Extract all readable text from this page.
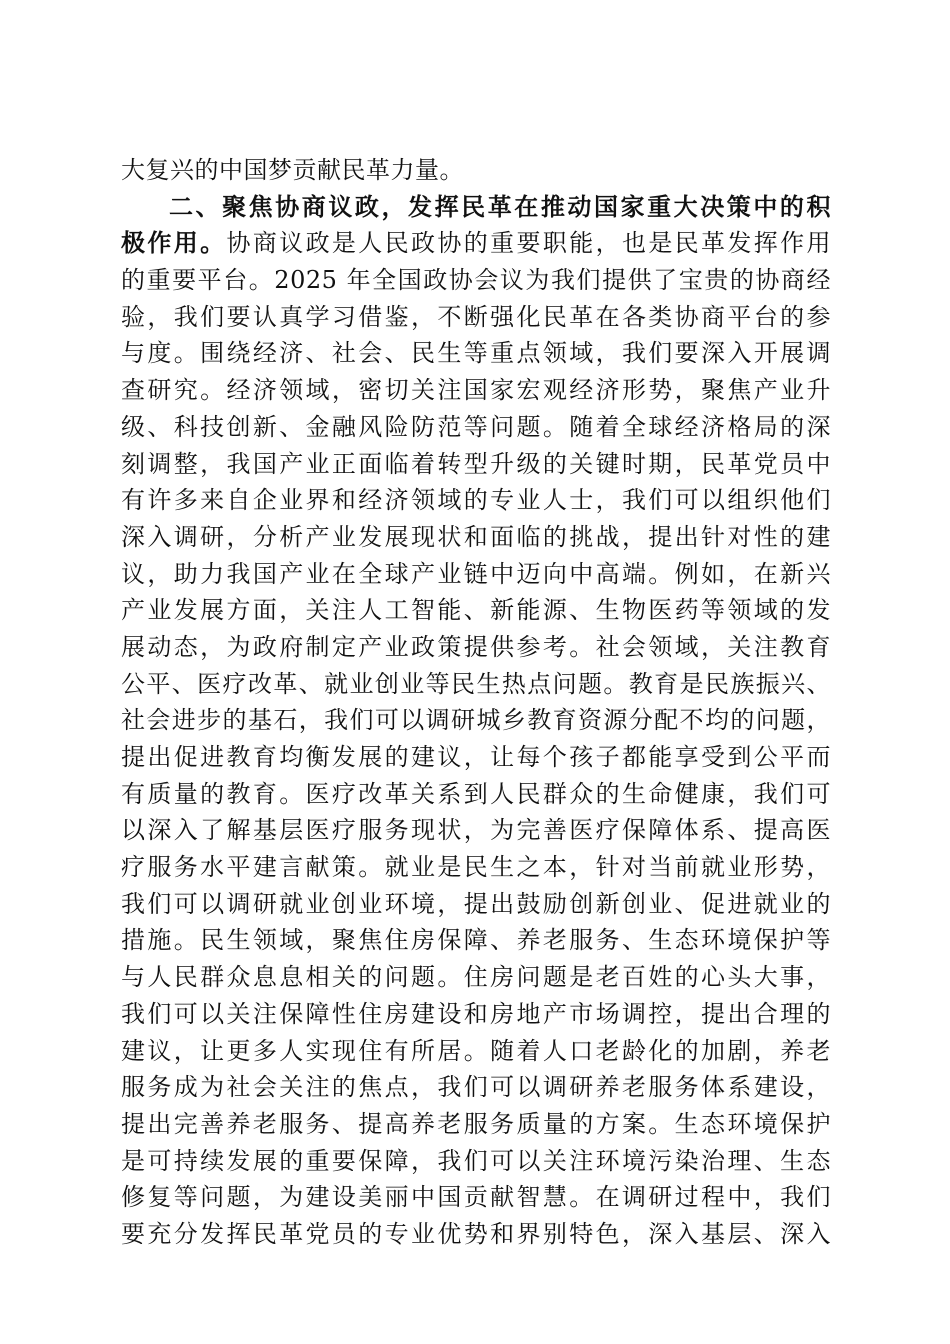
大复兴的中国梦贡献民革力量。
二、聚焦协商议政，发挥民革在推动国家重大决策中的积
极作用。协商议政是人民政协的重要职能，也是民革发挥作用
的重要平台。2025 年全国政协会议为我们提供了宝贵的协商经
验，我们要认真学习借鉴，不断强化民革在各类协商平台的参
与度。围绕经济、社会、民生等重点领域，我们要深入开展调
查研究。经济领域，密切关注国家宏观经济形势，聚焦产业升
级、科技创新、金融风险防范等问题。随着全球经济格局的深
刻调整，我国产业正面临着转型升级的关键时期，民革党员中
有许多来自企业界和经济领域的专业人士，我们可以组织他们
深入调研，分析产业发展现状和面临的挑战，提出针对性的建
议，助力我国产业在全球产业链中迈向中高端。例如，在新兴
产业发展方面，关注人工智能、新能源、生物医药等领域的发
展动态，为政府制定产业政策提供参考。社会领域，关注教育
公平、医疗改革、就业创业等民生热点问题。教育是民族振兴、
社会进步的基石，我们可以调研城乡教育资源分配不均的问题，
提出促进教育均衡发展的建议，让每个孩子都能享受到公平而
有质量的教育。医疗改革关系到人民群众的生命健康，我们可
以深入了解基层医疗服务现状，为完善医疗保障体系、提高医
疗服务水平建言献策。就业是民生之本，针对当前就业形势，
我们可以调研就业创业环境，提出鼓励创新创业、促进就业的
措施。民生领域，聚焦住房保障、养老服务、生态环境保护等
与人民群众息息相关的问题。住房问题是老百姓的心头大事，
我们可以关注保障性住房建设和房地产市场调控，提出合理的
建议，让更多人实现住有所居。随着人口老龄化的加剧，养老
服务成为社会关注的焦点，我们可以调研养老服务体系建设，
提出完善养老服务、提高养老服务质量的方案。生态环境保护
是可持续发展的重要保障，我们可以关注环境污染治理、生态
修复等问题，为建设美丽中国贡献智慧。在调研过程中，我们
要充分发挥民革党员的专业优势和界别特色，深入基层、深入
